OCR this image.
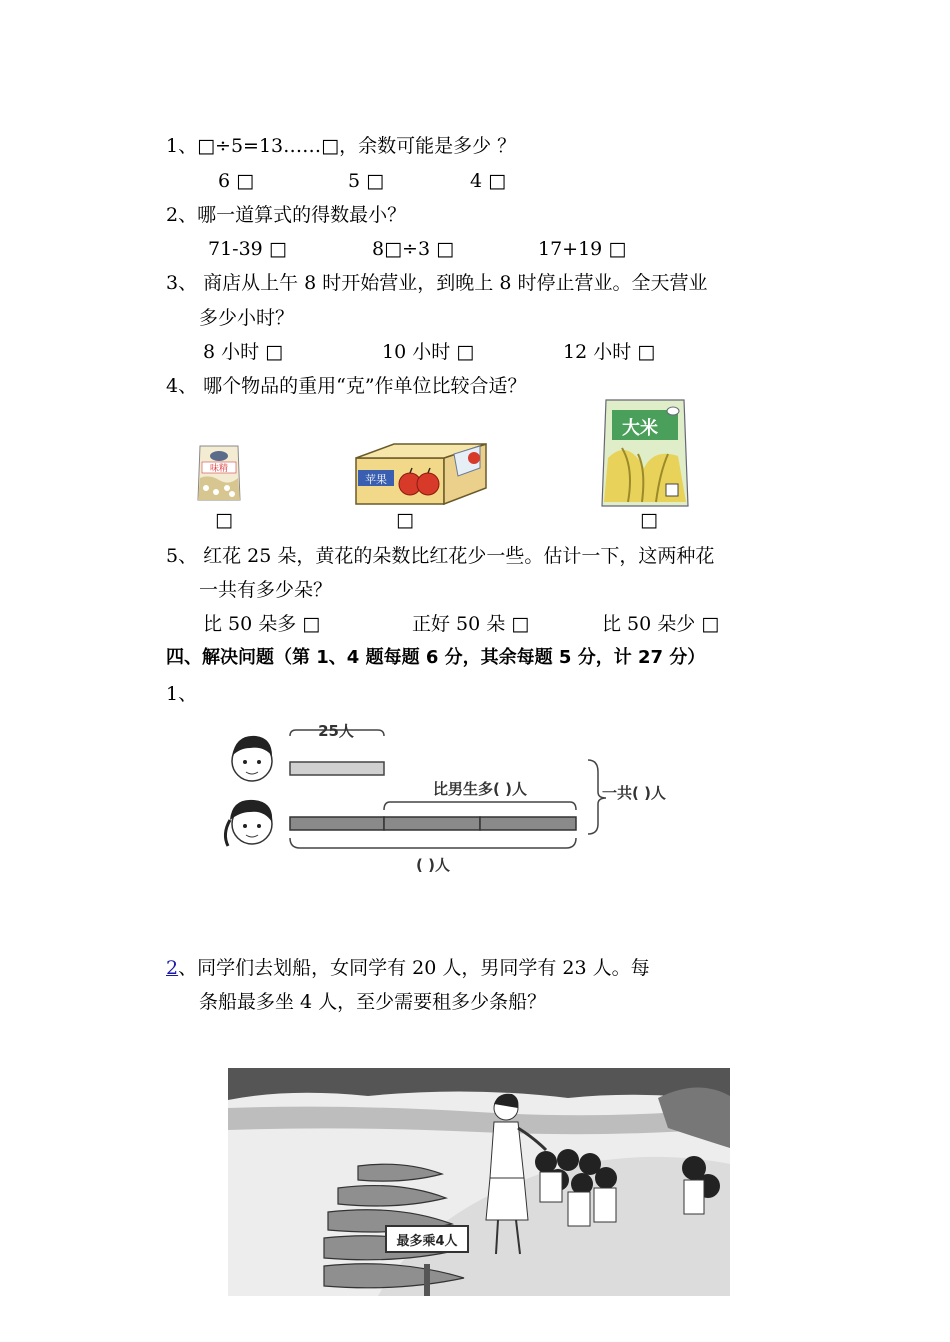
1、□÷5=13……□，余数可能是多少 ？
6 □	5 □	4 □
2、哪一道算式的得数最小？
71-39 □	8□÷3 □	17+19 □
3、 商店从上午 8 时开始营业，到晚上 8 时停止营业。全天营业
多少小时？
8 小时 □	10 小时 □	12 小时 □
4、 哪个物品的重用“克”作单位比较合适？
味精
□
苹果
□
大米
□
5、 红花 25 朵，黄花的朵数比红花少一些。估计一下，这两种花
一共有多少朵？
比 50 朵多 □	正好 50 朵 □	比 50 朵少 □
四、解决问题（第 1、4 题每题 6 分，其余每题 5 分，计 27 分）
1、
25人
比男生多( )人	一共( )人
( )人
2、同学们去划船，女同学有 20 人，男同学有 23 人。每
条船最多坐 4 人，至少需要租多少条船？
最多乘4人
